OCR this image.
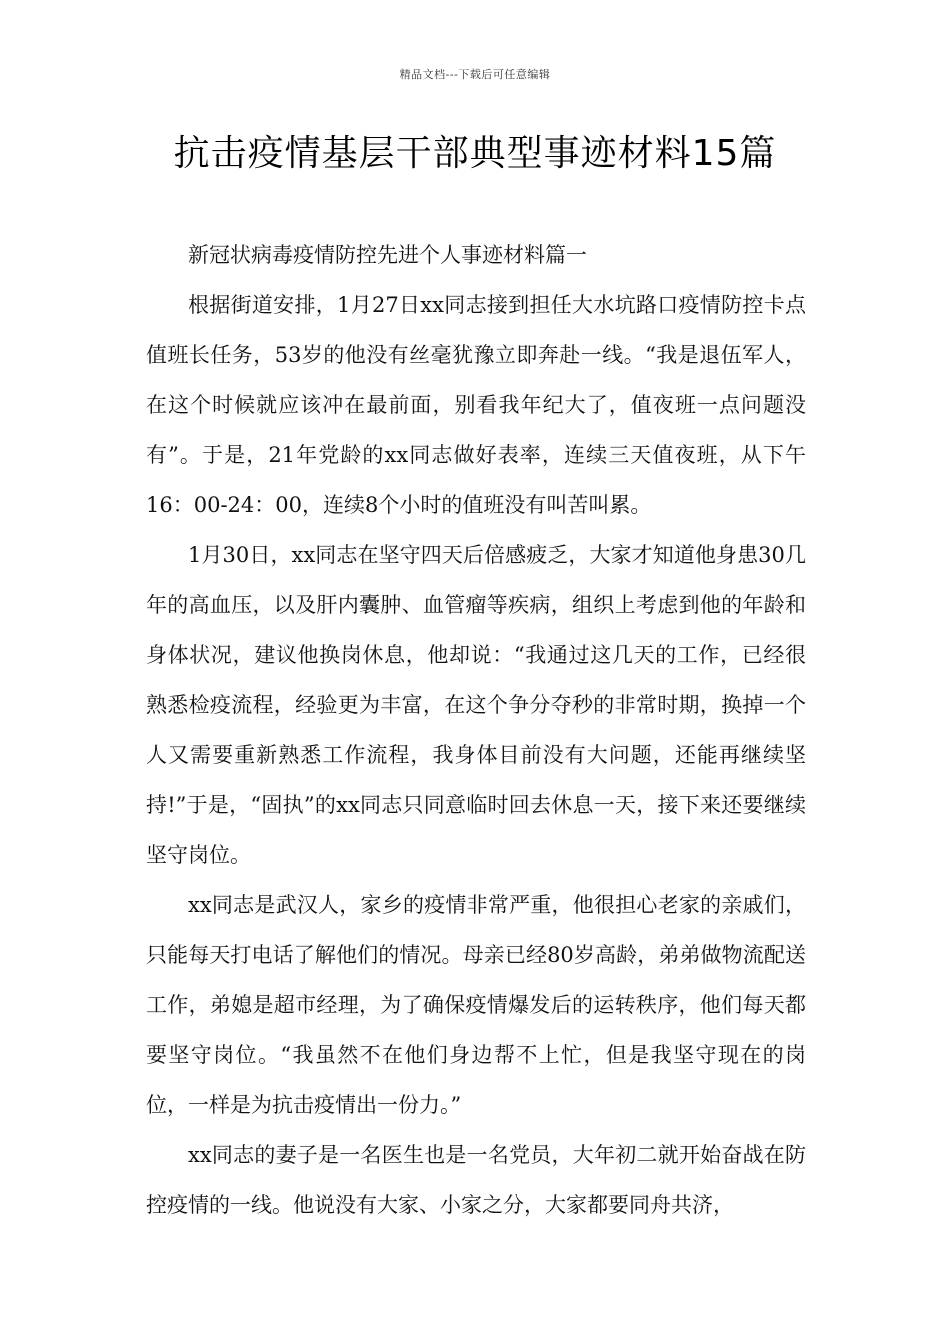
精品文档---下载后可任意编辑
抗击疫情基层干部典型事迹材料15篇

新冠状病毒疫情防控先进个人事迹材料篇一

根据街道安排，1月27日xx同志接到担任大水坑路口疫情防控卡点值班长任务，53岁的他没有丝毫犹豫立即奔赴一线。“我是退伍军人，在这个时候就应该冲在最前面，别看我年纪大了，值夜班一点问题没有”。于是，21年党龄的xx同志做好表率，连续三天值夜班，从下午16：00-24：00，连续8个小时的值班没有叫苦叫累。

1月30日，xx同志在坚守四天后倍感疲乏，大家才知道他身患30几年的高血压，以及肝内囊肿、血管瘤等疾病，组织上考虑到他的年龄和身体状况，建议他换岗休息，他却说：“我通过这几天的工作，已经很熟悉检疫流程，经验更为丰富，在这个争分夺秒的非常时期，换掉一个人又需要重新熟悉工作流程，我身体目前没有大问题，还能再继续坚持!”于是，“固执”的xx同志只同意临时回去休息一天，接下来还要继续坚守岗位。

xx同志是武汉人，家乡的疫情非常严重，他很担心老家的亲戚们，只能每天打电话了解他们的情况。母亲已经80岁高龄，弟弟做物流配送工作，弟媳是超市经理，为了确保疫情爆发后的运转秩序，他们每天都要坚守岗位。“我虽然不在他们身边帮不上忙，但是我坚守现在的岗位，一样是为抗击疫情出一份力。”

xx同志的妻子是一名医生也是一名党员，大年初二就开始奋战在防控疫情的一线。他说没有大家、小家之分，大家都要同舟共济，
